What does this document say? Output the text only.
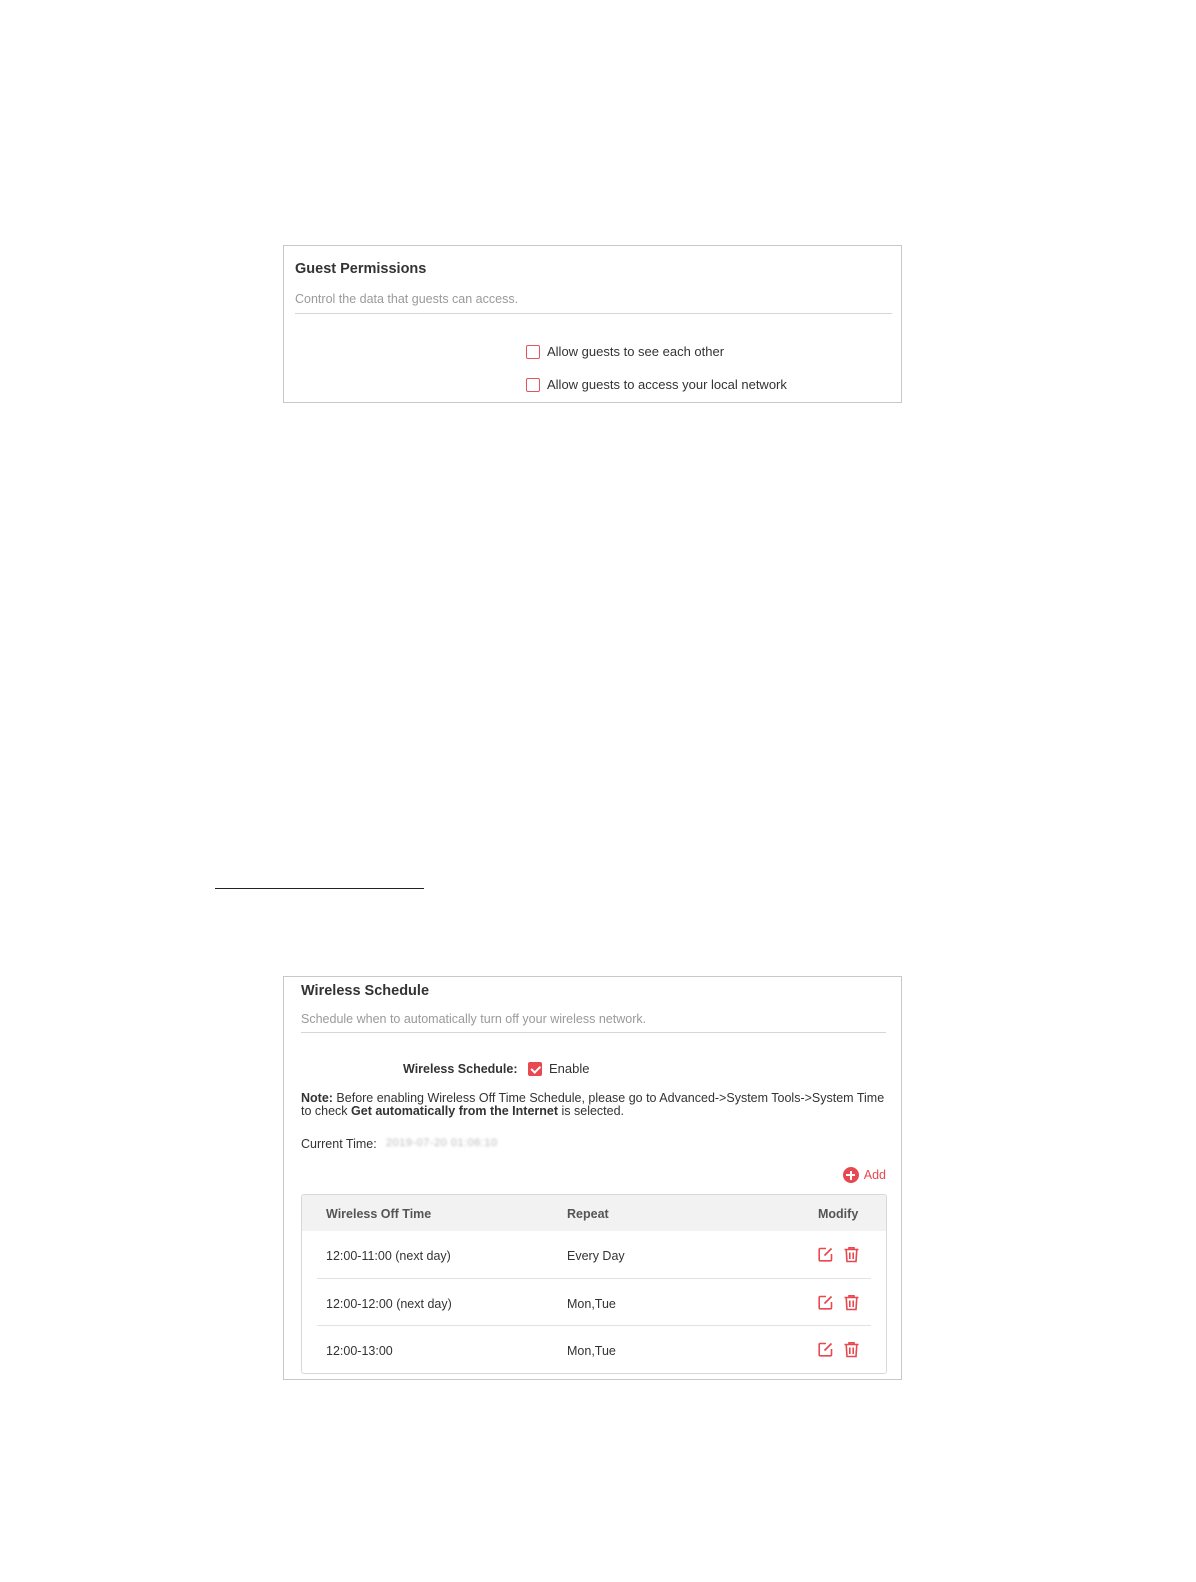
Guest Permissions
Control the data that guests can access.
Allow guests to see each other
Allow guests to access your local network
Wireless Schedule
Schedule when to automatically turn off your wireless network.
Wireless Schedule: Enable
Note: Before enabling Wireless Off Time Schedule, please go to Advanced->System Tools->System Time to check Get automatically from the Internet is selected.
Current Time: 2019-07-20 01:06:10
Add
Wireless Off Time	Repeat	Modify
12:00-11:00 (next day)	Every Day
12:00-12:00 (next day)	Mon,Tue
12:00-13:00	Mon,Tue
